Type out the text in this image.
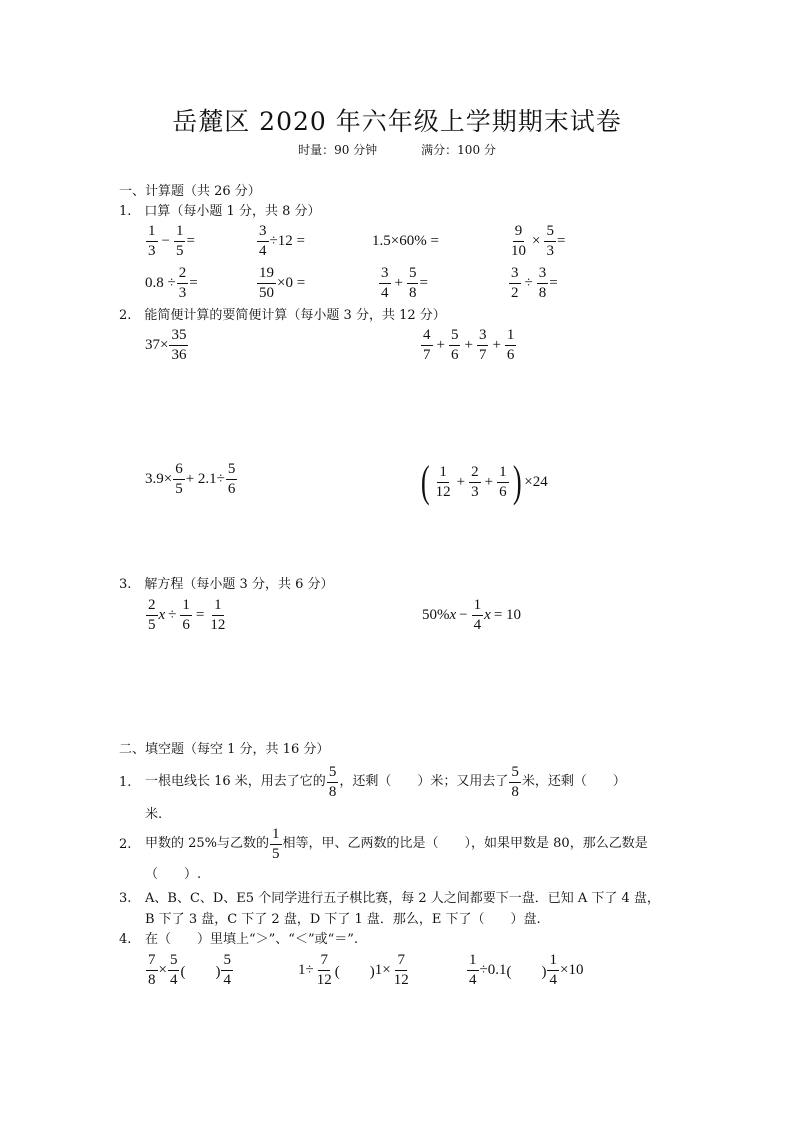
岳麓区 2020 年六年级上学期期末试卷
时量：90 分钟	满分：100 分
一、计算题（共 26 分）
1.　口算（每小题 1 分，共 8 分）
$\frac{1}{3} - \frac{1}{5}$ =	$\frac{3}{4} \div 12$ =	1.5×60% =	$\frac{9}{10} \times \frac{5}{3}$ =
$0.8 \div \frac{2}{3}$ =	$\frac{19}{50} \times 0$ =	$\frac{3}{4} + \frac{5}{8}$ =	$\frac{3}{2} \div \frac{3}{8}$ =
2.　能简便计算的要简便计算（每小题 3 分，共 12 分）
$37\times \frac{35}{36}$	$\frac{4}{7} + \frac{5}{6} + \frac{3}{7} + \frac{1}{6}$
$3.9\times \frac{6}{5} + 2.1\div \frac{5}{6}$	( $\frac{1}{12} + \frac{2}{3} + \frac{1}{6}$ ) ×24
3.　解方程（每小题 3 分，共 6 分）
$\frac{2}{5}$ $x \div \frac{1}{6} = \frac{1}{12}$	50% $x - \frac{1}{4}$ x = 10
二、填空题（每空 1 分，共 16 分）
1. 一根电线长 16 米，用去了它的
5
8
，还剩（　　）米；又用去了
5
8
米，还剩（　　）
米.
2. 甲数的 25%与乙数的
1
5
相等，甲、乙两数的比是（　　），如果甲数是 80，那么乙数是
（　　）.
3. A、B、C、D、E5 个同学进行五子棋比赛，每 2 人之间都要下一盘．已知 A 下了 4 盘，
B 下了 3 盘，C 下了 2 盘，D 下了 1 盘．那么，E 下了（　　）盘.
4. 在（　　）里填上“＞”、“＜”或“＝”.
$\frac{7}{8} \times \frac{5}{4}$ (　　) $\frac{5}{4}$	$1\div \frac{7}{12}$ (　　) $1\times \frac{7}{12}$	$\frac{1}{4} \div 0.1$ (　　) $\frac{1}{4} \times 10$
